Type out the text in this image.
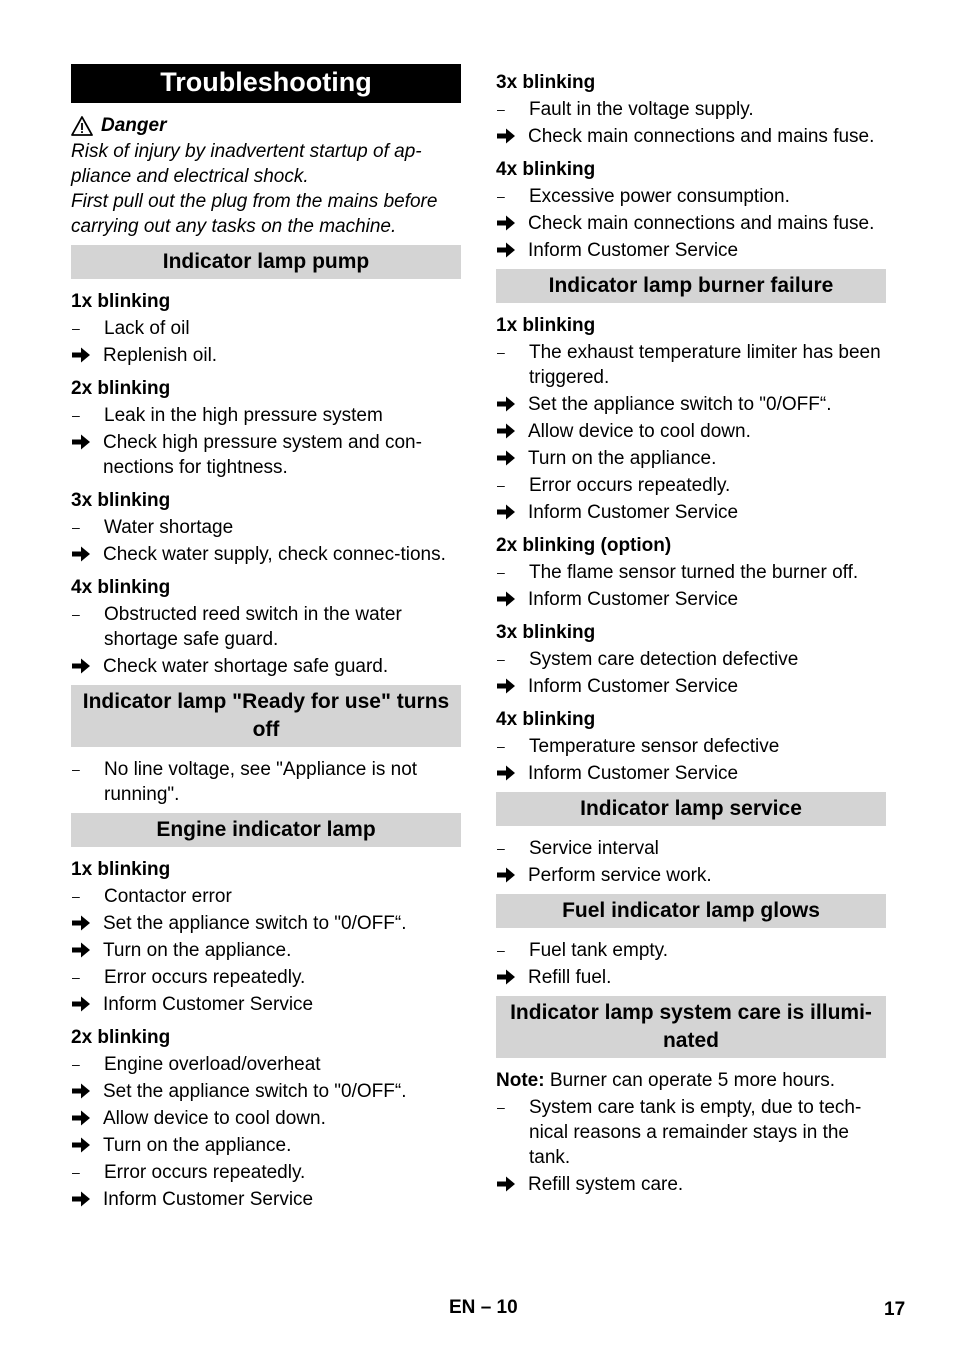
Troubleshooting
Danger
Risk of injury by inadvertent startup of ap-pliance and electrical shock.
First pull out the plug from the mains before carrying out any tasks on the machine.
Indicator lamp pump
1x blinking
–	Lack of oil
Replenish oil.
2x blinking
–	Leak in the high pressure system
Check high pressure system and con-nections for tightness.
3x blinking
–	Water shortage
Check water supply, check connec-tions.
4x blinking
–	Obstructed reed switch in the water shortage safe guard.
Check water shortage safe guard.
Indicator lamp "Ready for use" turns off
–	No line voltage, see "Appliance is not running".
Engine indicator lamp
1x blinking
–	Contactor error
Set the appliance switch to "0/OFF“.
Turn on the appliance.
–	Error occurs repeatedly.
Inform Customer Service
2x blinking
–	Engine overload/overheat
Set the appliance switch to "0/OFF“.
Allow device to cool down.
Turn on the appliance.
–	Error occurs repeatedly.
Inform Customer Service
3x blinking
–	Fault in the voltage supply.
Check main connections and mains fuse.
4x blinking
–	Excessive power consumption.
Check main connections and mains fuse.
Inform Customer Service
Indicator lamp burner failure
1x blinking
–	The exhaust temperature limiter has been triggered.
Set the appliance switch to "0/OFF“.
Allow device to cool down.
Turn on the appliance.
–	Error occurs repeatedly.
Inform Customer Service
2x blinking (option)
–	The flame sensor turned the burner off.
Inform Customer Service
3x blinking
–	System care detection defective
Inform Customer Service
4x blinking
–	Temperature sensor defective
Inform Customer Service
Indicator lamp service
–	Service interval
Perform service work.
Fuel indicator lamp glows
–	Fuel tank empty.
Refill fuel.
Indicator lamp system care is illumi-nated
Note: Burner can operate 5 more hours.
–	System care tank is empty, due to tech-nical reasons a remainder stays in the tank.
Refill system care.
EN – 10	17
